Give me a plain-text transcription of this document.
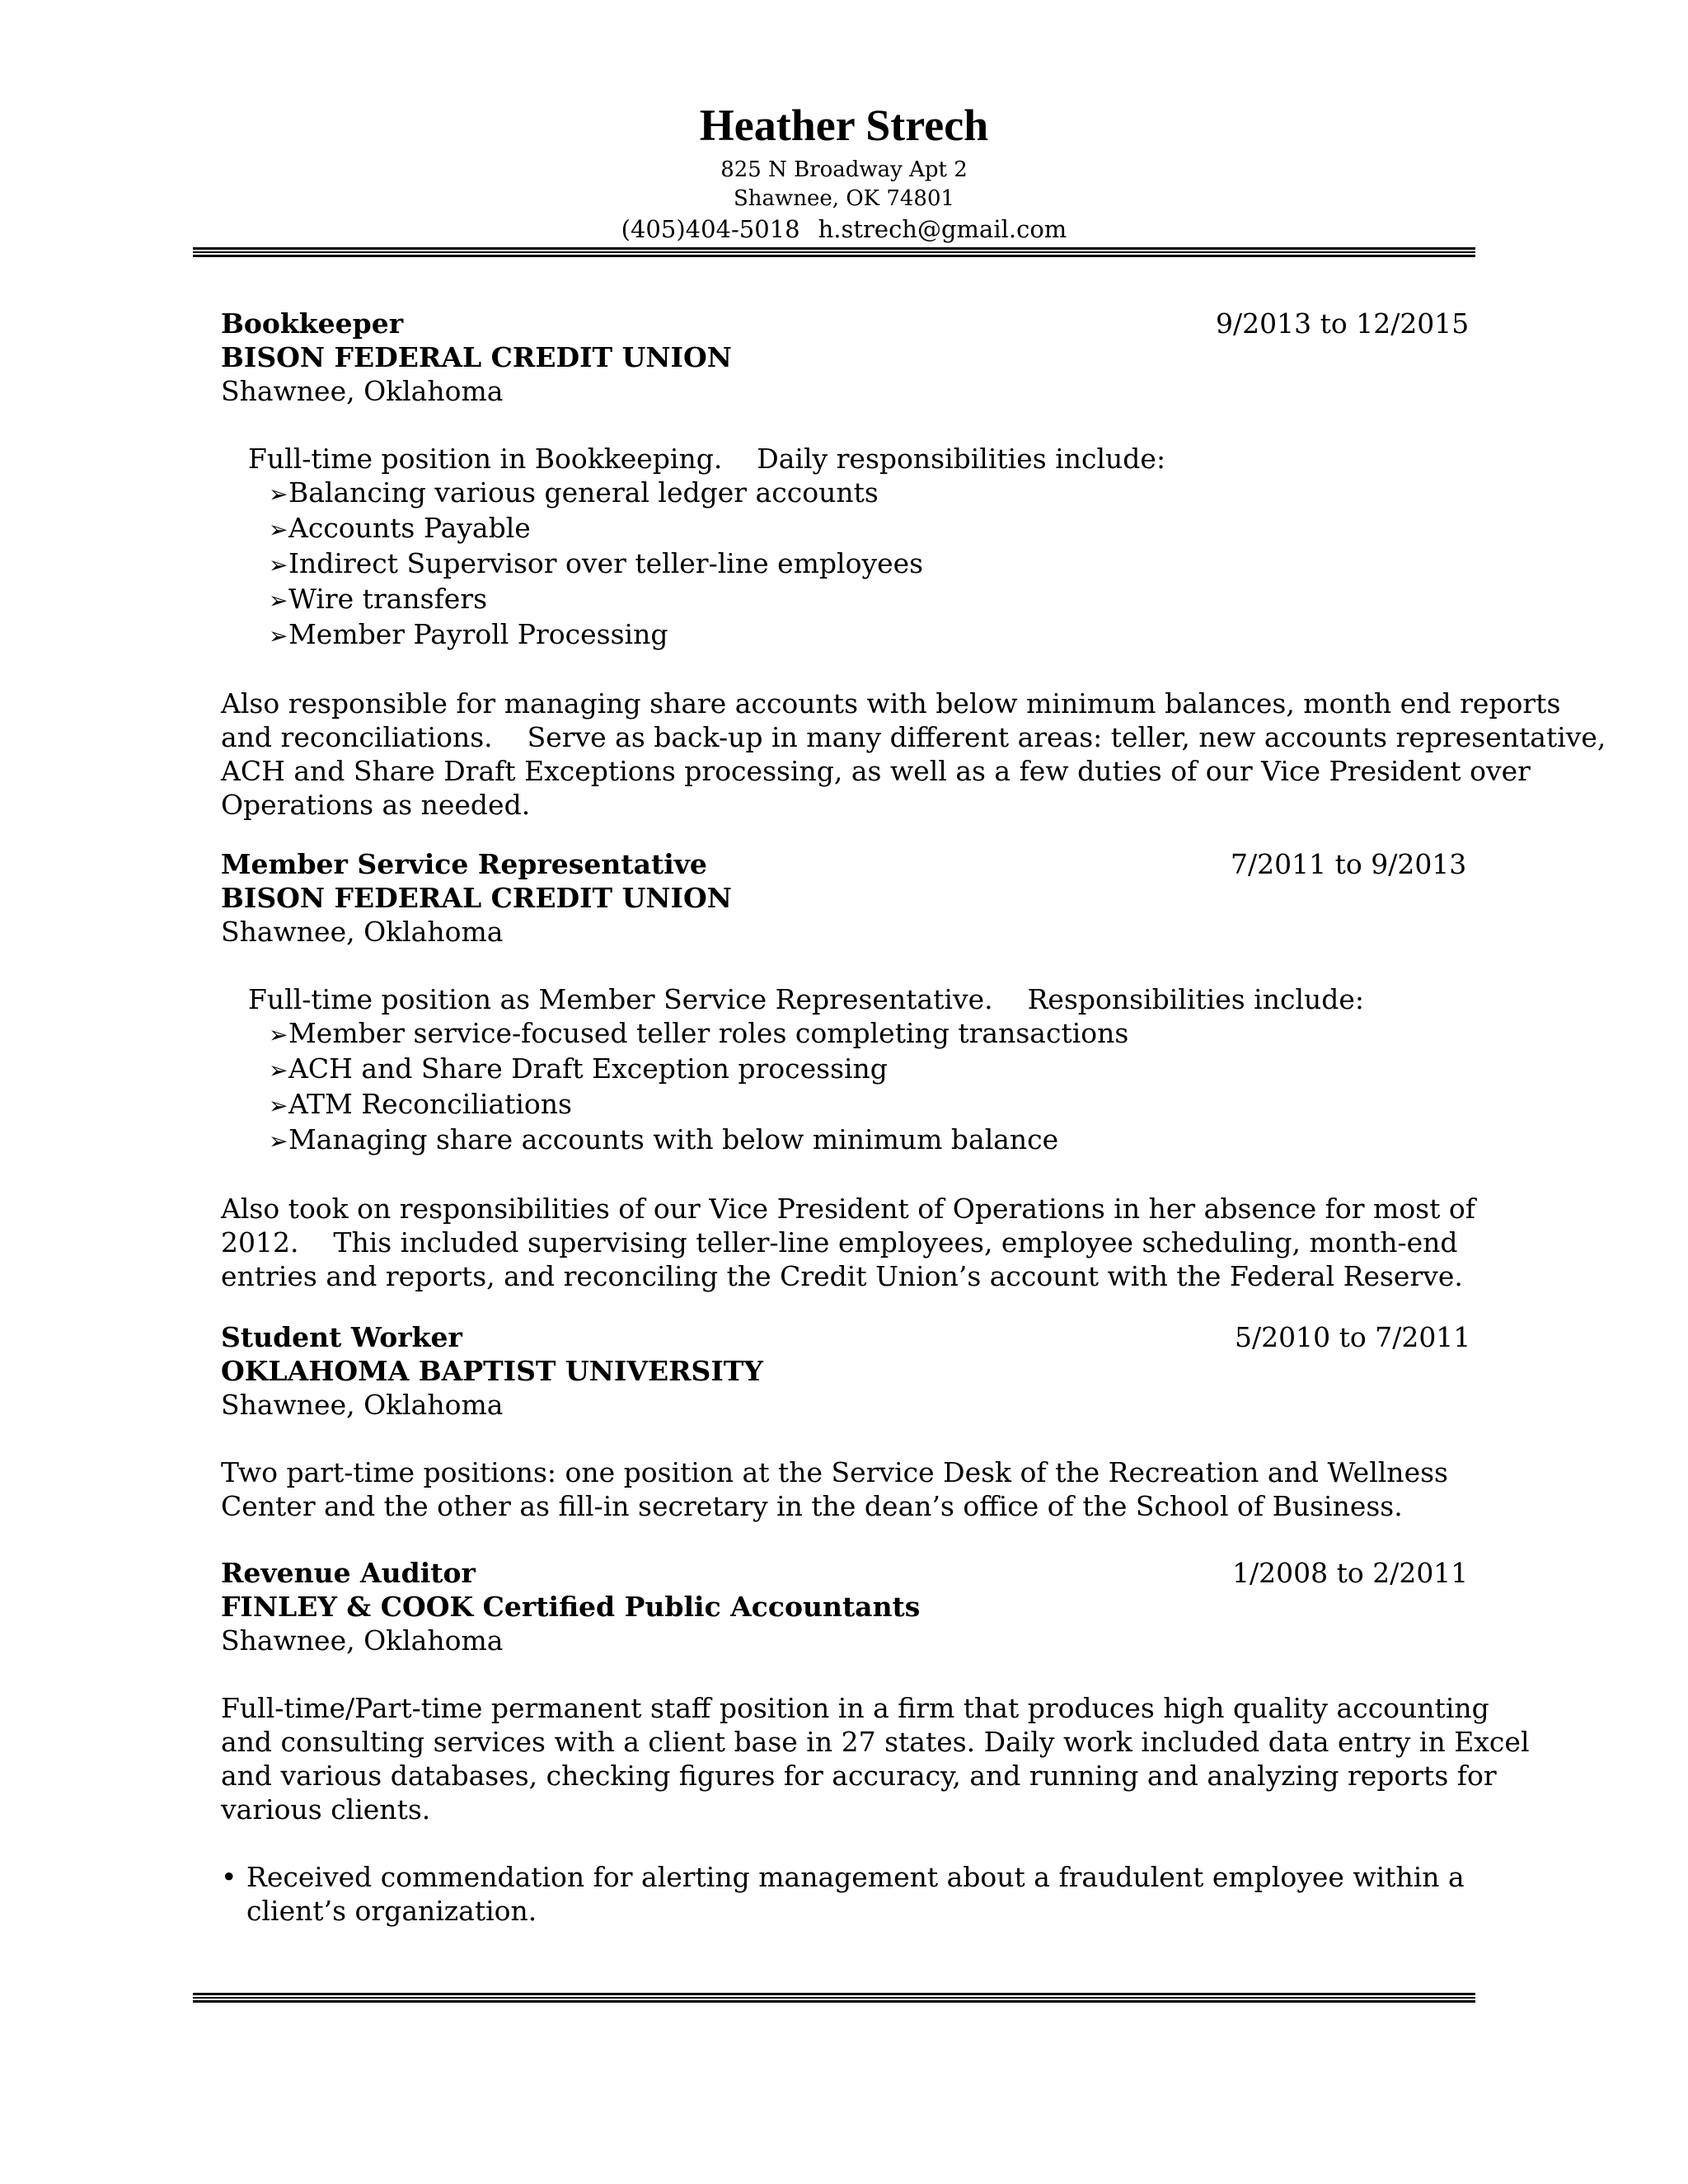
Heather Strech
825 N Broadway Apt 2
Shawnee, OK 74801
(405)404-5018 h.strech@gmail.com
Bookkeeper	9/2013 to 12/2015
BISON FEDERAL CREDIT UNION
Shawnee, Oklahoma
Full-time position in Bookkeeping.    Daily responsibilities include:
➢Balancing various general ledger accounts
➢Accounts Payable
➢Indirect Supervisor over teller-line employees
➢Wire transfers
➢Member Payroll Processing
Also responsible for managing share accounts with below minimum balances, month end reports
and reconciliations.    Serve as back-up in many different areas: teller, new accounts representative,
ACH and Share Draft Exceptions processing, as well as a few duties of our Vice President over
Operations as needed.
Member Service Representative	7/2011 to 9/2013
BISON FEDERAL CREDIT UNION
Shawnee, Oklahoma
Full-time position as Member Service Representative.    Responsibilities include:
➢Member service-focused teller roles completing transactions
➢ACH and Share Draft Exception processing
➢ATM Reconciliations
➢Managing share accounts with below minimum balance
Also took on responsibilities of our Vice President of Operations in her absence for most of
2012.    This included supervising teller-line employees, employee scheduling, month-end
entries and reports, and reconciling the Credit Union’s account with the Federal Reserve.
Student Worker	5/2010 to 7/2011
OKLAHOMA BAPTIST UNIVERSITY
Shawnee, Oklahoma
Two part-time positions: one position at the Service Desk of the Recreation and Wellness
Center and the other as fill-in secretary in the dean’s office of the School of Business.
Revenue Auditor	1/2008 to 2/2011
FINLEY & COOK Certified Public Accountants
Shawnee, Oklahoma
Full-time/Part-time permanent staff position in a firm that produces high quality accounting
and consulting services with a client base in 27 states. Daily work included data entry in Excel
and various databases, checking figures for accuracy, and running and analyzing reports for
various clients.
• Received commendation for alerting management about a fraudulent employee within a
client’s organization.
